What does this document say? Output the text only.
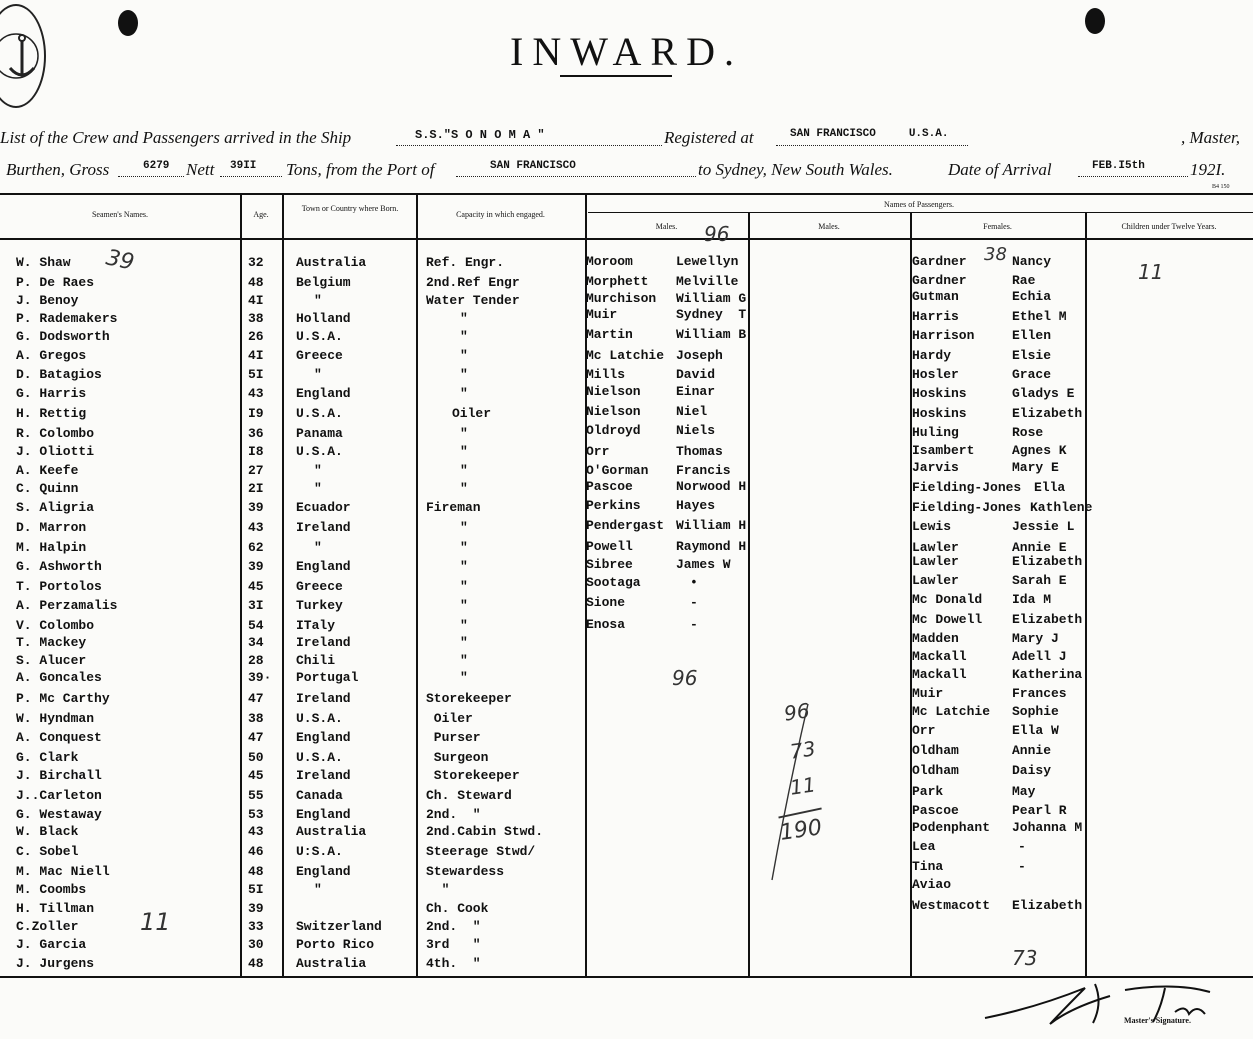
INWARD.
List of the Crew and Passengers arrived in the Ship	S.S."S O N O M A "	Registered at	SAN FRANCISCO     U.S.A.	, Master,
Burthen, Gross	6279 Nett 39II Tons, from the Port of	SAN FRANCISCO	to Sydney, New South Wales.	Date of Arrival	FEB.I5th	192I.
B4 150
Seamen's Names.	Age.
Town or Country where Born.
Capacity in which engaged.
Names of Passengers.
Males.	Males.	Females.	Children under Twelve Years.
W. Shaw	32 Australia	Ref. Engr.
P. De Raes	48 Belgium	2nd.Ref Engr
J. Benoy	4I	"	Water Tender
P. Rademakers	38 Holland	"
G. Dodsworth	26 U.S.A.	"
A. Gregos	4I Greece	"
D. Batagios	5I	"	"
G. Harris	43 England	"
H. Rettig	I9 U.S.A.	Oiler
R. Colombo	36 Panama	"
J. Oliotti	I8 U.S.A.	"
A. Keefe	27	"	"
C. Quinn	2I	"	"
S. Aligria	39 Ecuador	Fireman
D. Marron	43 Ireland	"
M. Halpin	62	"	"
G. Ashworth	39 England	"
T. Portolos	45 Greece	"
A. Perzamalis	3I Turkey	"
V. Colombo	54 ITaly	"
T. Mackey	34 Ireland	"
S. Alucer	28 Chili	"
A. Goncales	39· Portugal	"
P. Mc Carthy	47 Ireland	Storekeeper
W. Hyndman	38 U.S.A.	Oiler
A. Conquest	47 England	Purser
G. Clark	50 U.S.A.	Surgeon
J. Birchall	45 Ireland	Storekeeper
J..Carleton	55 Canada	Ch. Steward
G. Westaway	53 England	2nd.  "
W. Black	43 Australia	2nd.Cabin Stwd.
C. Sobel	46 U:S.A.	Steerage Stwd/
M. Mac Niell	48 England	Stewardess
M. Coombs	5I	"	"
H. Tillman	39	Ch. Cook
C.Zoller	33 Switzerland	2nd.  "
J. Garcia	30 Porto Rico	3rd   "
J. Jurgens	48 Australia	4th.  "
Moroom	Lewellyn
Morphett Melville
Murchison William G
Muir	Sydney  T
Martin	William B
Mc Latchie Joseph
Mills	David
Nielson	Einar
Nielson	Niel
Oldroyd	Niels
Orr	Thomas
O'Gorman Francis
Pascoe	Norwood H
Perkins	Hayes
Pendergast William H
Powell	Raymond H
Sibree	James W
Sootaga	•
Sione	-
Enosa	-
Gardner	Nancy
Gardner	Rae
Gutman	Echia
Harris	Ethel M
Harrison	Ellen
Hardy	Elsie
Hosler	Grace
Hoskins	Gladys E
Hoskins	Elizabeth
Huling	Rose
Isambert	Agnes K
Jarvis	Mary E
Fielding-Jones Ella
Fielding-Jones Kathlene
Lewis	Jessie L
Lawler	Annie E
Lawler	Elizabeth
Lawler	Sarah E
Mc Donald Ida M
Mc Dowell Elizabeth
Madden	Mary J
Mackall	Adell J
Mackall	Katherina
Muir	Frances
Mc Latchie Sophie
Orr	Ella W
Oldham	Annie
Oldham	Daisy
Park	May
Pascoe	Pearl R
Podenphant Johanna M
Lea	-
Tina	-
Aviao
Westmacott Elizabeth
39
11
96
96
38
73
11
96
73
11
190
Master's Signature.
